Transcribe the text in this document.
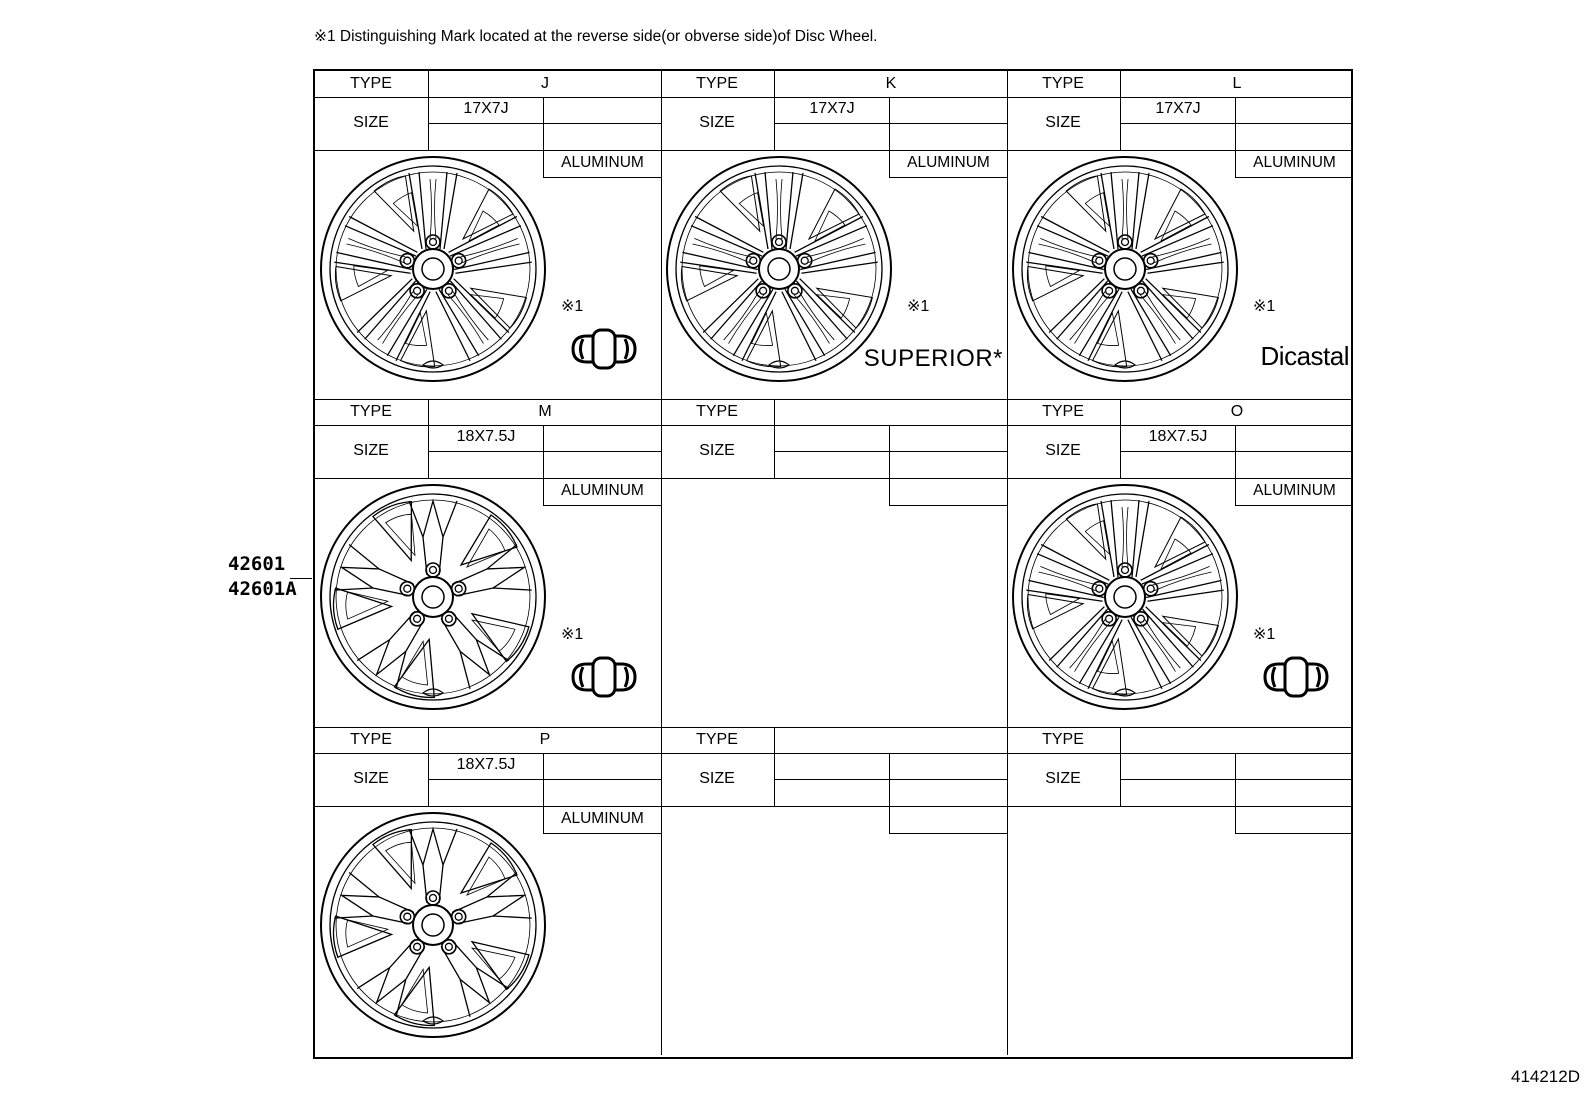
※1 Distinguishing Mark located at the reverse side(or obverse side)of Disc Wheel.
TYPE
SIZE
J
17X7J
ALUMINUM
※1
TYPE
SIZE
K
17X7J
ALUMINUM
※1
SUPERIOR*
TYPE
SIZE
L
17X7J
ALUMINUM
※1
Dicastal
TYPE
SIZE
M
18X7.5J
ALUMINUM
※1
TYPE
SIZE
TYPE
SIZE
O
18X7.5J
ALUMINUM
※1
TYPE
SIZE
P
18X7.5J
ALUMINUM
TYPE
SIZE
TYPE
SIZE
42601
42601A
414212D
